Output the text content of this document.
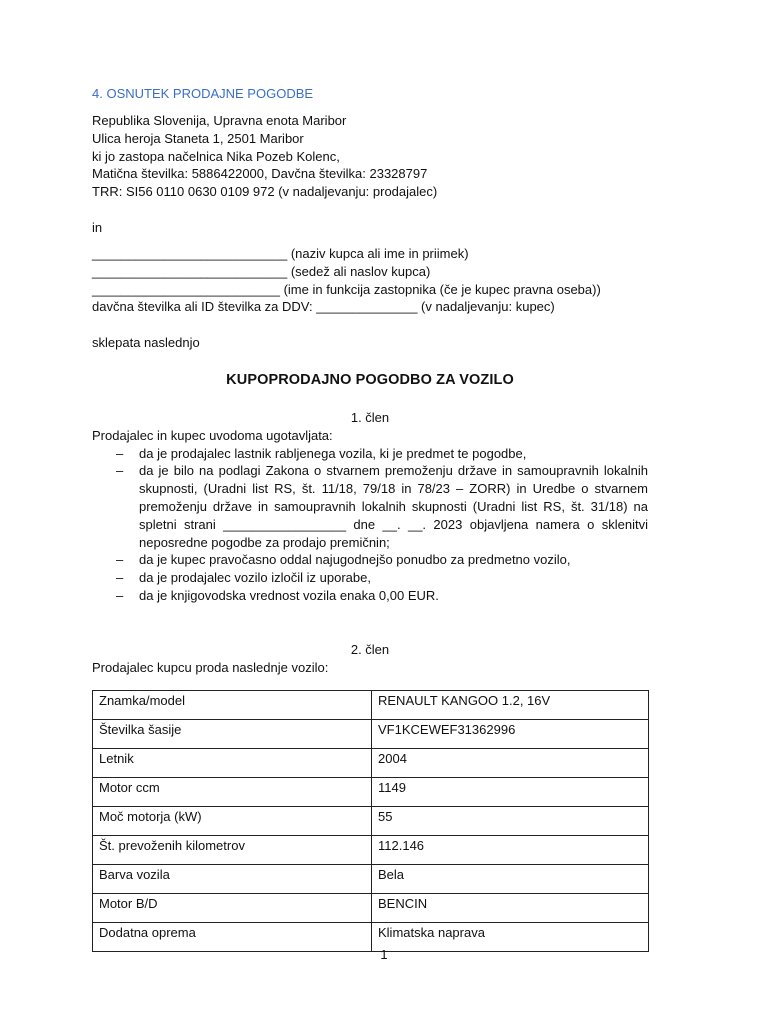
4. OSNUTEK PRODAJNE POGODBE
Republika Slovenija, Upravna enota Maribor
Ulica heroja Staneta 1, 2501 Maribor
ki jo zastopa načelnica Nika Pozeb Kolenc,
Matična številka: 5886422000, Davčna številka: 23328797
TRR: SI56 0110 0630 0109 972 (v nadaljevanju: prodajalec)
in
___________________________ (naziv kupca ali ime in priimek)
___________________________ (sedež ali naslov kupca)
__________________________ (ime in funkcija zastopnika (če je kupec pravna oseba))
davčna številka ali ID številka za DDV: ______________ (v nadaljevanju: kupec)
sklepata naslednjo
KUPOPRODAJNO POGODBO ZA VOZILO
1. člen
Prodajalec in kupec uvodoma ugotavljata:
– da je prodajalec lastnik rabljenega vozila, ki je predmet te pogodbe,
– da je bilo na podlagi Zakona o stvarnem premoženju države in samoupravnih lokalnih skupnosti, (Uradni list RS, št. 11/18, 79/18 in 78/23 – ZORR) in Uredbe o stvarnem premoženju države in samoupravnih lokalnih skupnosti (Uradni list RS, št. 31/18) na spletni strani _________________ dne __. __. 2023 objavljena namera o sklenitvi neposredne pogodbe za prodajo premičnin;
– da je kupec pravočasno oddal najugodnejšo ponudbo za predmetno vozilo,
– da je prodajalec vozilo izločil iz uporabe,
– da je knjigovodska vrednost vozila enaka 0,00 EUR.
2. člen
Prodajalec kupcu proda naslednje vozilo:
Znamka/model	RENAULT KANGOO 1.2, 16V
Številka šasije	VF1KCEWEF31362996
Letnik	2004
Motor ccm	1149
Moč motorja (kW)	55
Št. prevoženih kilometrov	112.146
Barva vozila	Bela
Motor B/D	BENCIN
Dodatna oprema	Klimatska naprava
1
